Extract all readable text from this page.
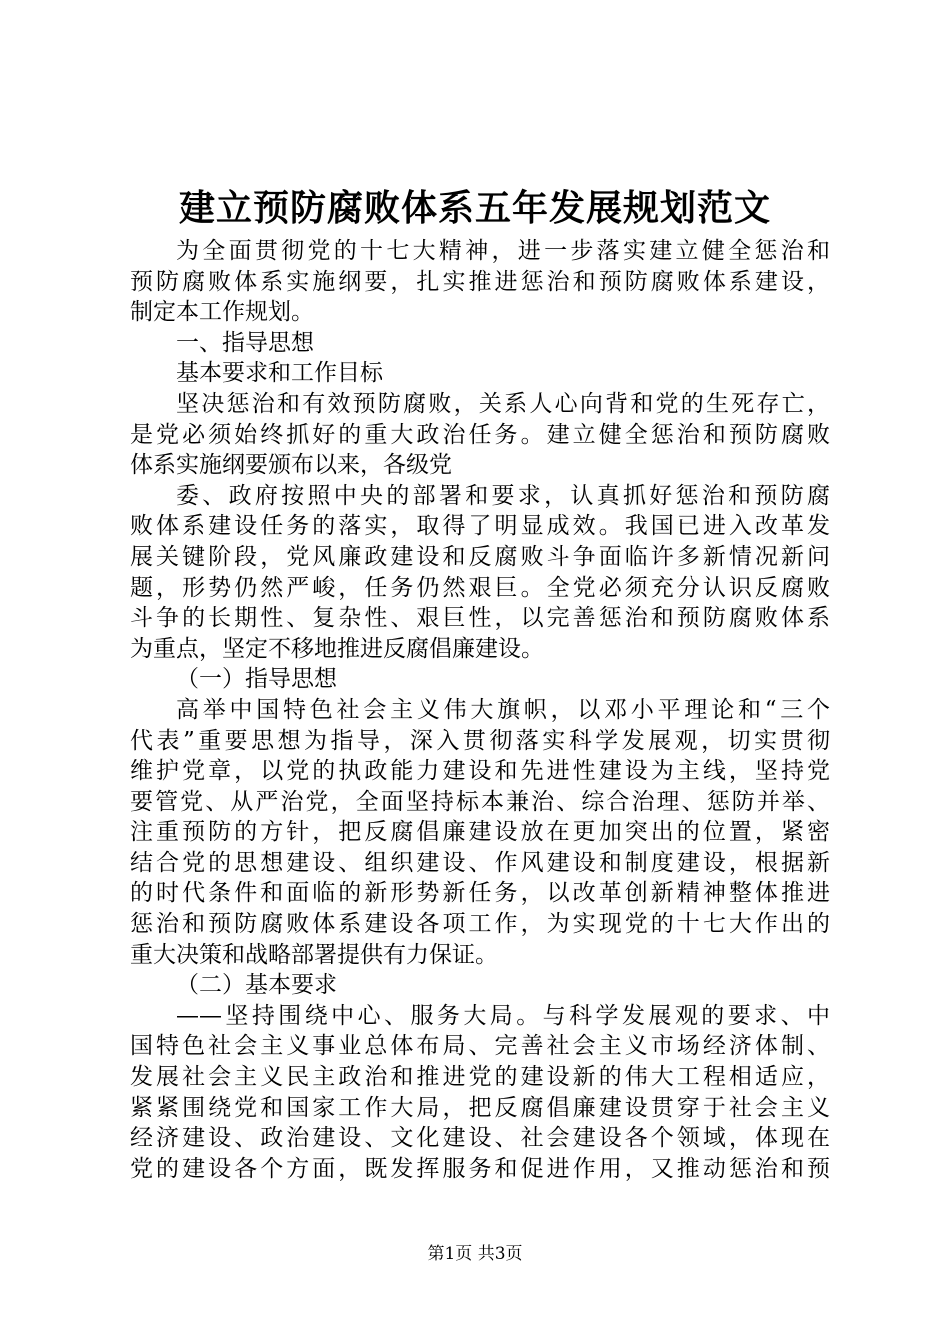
建立预防腐败体系五年发展规划范文
为全面贯彻党的十七大精神，进一步落实建立健全惩治和
预防腐败体系实施纲要，扎实推进惩治和预防腐败体系建设，
制定本工作规划。
一、指导思想
基本要求和工作目标
坚决惩治和有效预防腐败，关系人心向背和党的生死存亡，
是党必须始终抓好的重大政治任务。建立健全惩治和预防腐败
体系实施纲要颁布以来，各级党
委、政府按照中央的部署和要求，认真抓好惩治和预防腐
败体系建设任务的落实，取得了明显成效。我国已进入改革发
展关键阶段，党风廉政建设和反腐败斗争面临许多新情况新问
题，形势仍然严峻，任务仍然艰巨。全党必须充分认识反腐败
斗争的长期性、复杂性、艰巨性，以完善惩治和预防腐败体系
为重点，坚定不移地推进反腐倡廉建设。
（一）指导思想
高举中国特色社会主义伟大旗帜，以邓小平理论和“三个
代表”重要思想为指导，深入贯彻落实科学发展观，切实贯彻
维护党章，以党的执政能力建设和先进性建设为主线，坚持党
要管党、从严治党，全面坚持标本兼治、综合治理、惩防并举、
注重预防的方针，把反腐倡廉建设放在更加突出的位置，紧密
结合党的思想建设、组织建设、作风建设和制度建设，根据新
的时代条件和面临的新形势新任务，以改革创新精神整体推进
惩治和预防腐败体系建设各项工作，为实现党的十七大作出的
重大决策和战略部署提供有力保证。
（二）基本要求
——坚持围绕中心、服务大局。与科学发展观的要求、中
国特色社会主义事业总体布局、完善社会主义市场经济体制、
发展社会主义民主政治和推进党的建设新的伟大工程相适应，
紧紧围绕党和国家工作大局，把反腐倡廉建设贯穿于社会主义
经济建设、政治建设、文化建设、社会建设各个领域，体现在
党的建设各个方面，既发挥服务和促进作用，又推动惩治和预
第1页 共3页
